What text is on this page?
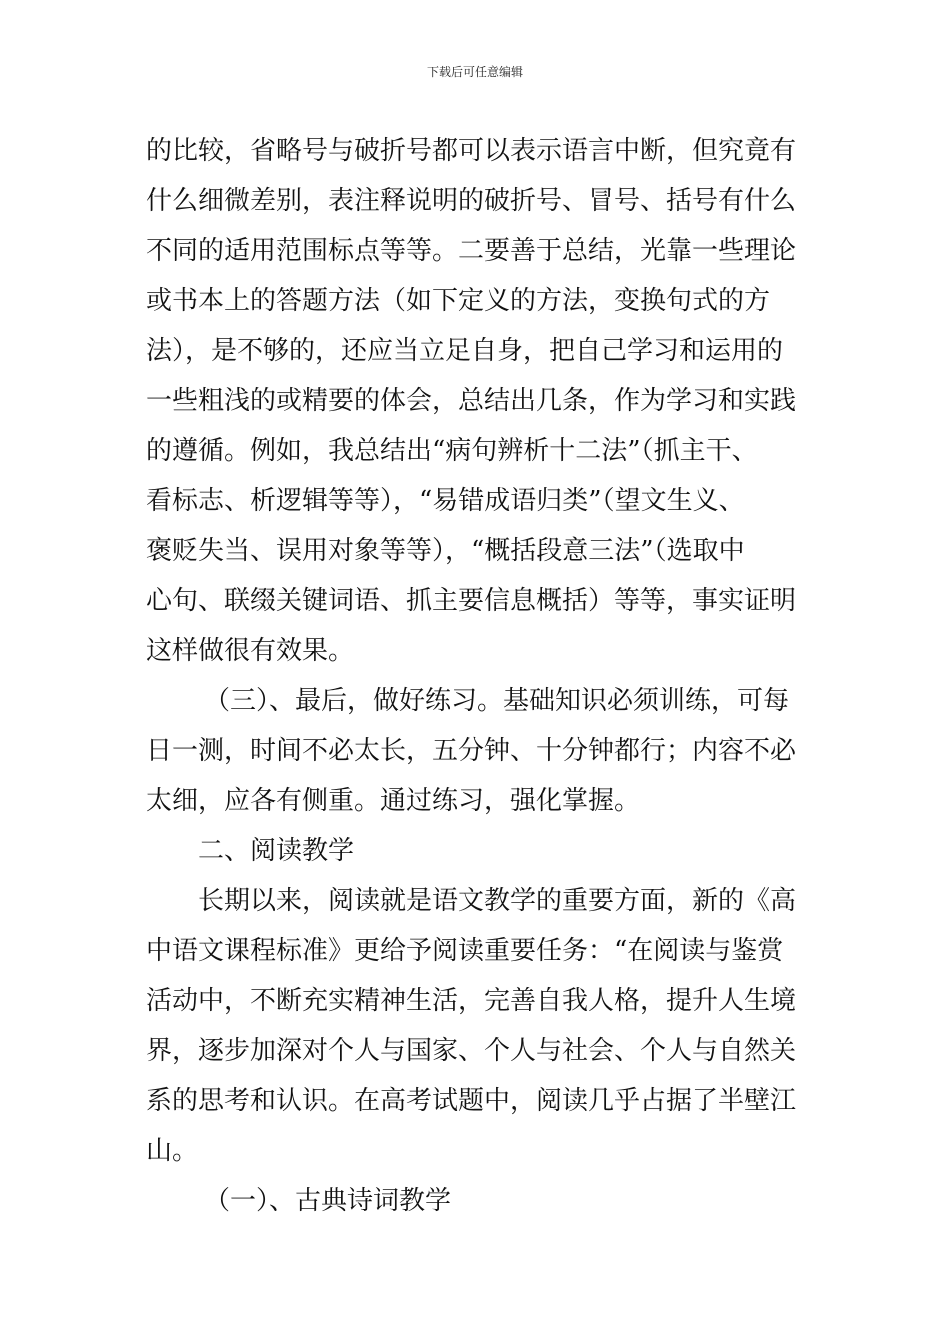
下载后可任意编辑
的比较，省略号与破折号都可以表示语言中断，但究竟有
什么细微差别，表注释说明的破折号、冒号、括号有什么
不同的适用范围标点等等。二要善于总结，光靠一些理论
或书本上的答题方法（如下定义的方法，变换句式的方
法），是不够的，还应当立足自身，把自己学习和运用的
一些粗浅的或精要的体会，总结出几条，作为学习和实践
的遵循。例如，我总结出“病句辨析十二法”（抓主干、
看标志、析逻辑等等），“易错成语归类”（望文生义、
褒贬失当、误用对象等等），“概括段意三法”（选取中
心句、联缀关键词语、抓主要信息概括）等等，事实证明
这样做很有效果。
（三）、最后，做好练习。基础知识必须训练，可每
日一测，时间不必太长，五分钟、十分钟都行；内容不必
太细，应各有侧重。通过练习，强化掌握。
二、阅读教学
长期以来，阅读就是语文教学的重要方面，新的《高
中语文课程标准》更给予阅读重要任务：“在阅读与鉴赏
活动中，不断充实精神生活，完善自我人格，提升人生境
界，逐步加深对个人与国家、个人与社会、个人与自然关
系的思考和认识。在高考试题中，阅读几乎占据了半壁江
山。
（一）、古典诗词教学
